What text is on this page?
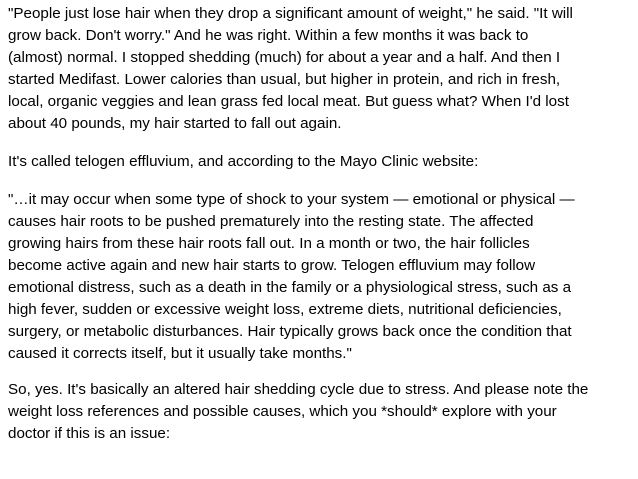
"People just lose hair when they drop a significant amount of weight," he said. "It will
grow back. Don't worry." And he was right. Within a few months it was back to
(almost) normal. I stopped shedding (much) for about a year and a half. And then I
started Medifast. Lower calories than usual, but higher in protein, and rich in fresh,
local, organic veggies and lean grass fed local meat. But guess what? When I'd lost
about 40 pounds, my hair started to fall out again.

It's called telogen effluvium, and according to the Mayo Clinic website:

"…it may occur when some type of shock to your system — emotional or physical —
causes hair roots to be pushed prematurely into the resting state. The affected
growing hairs from these hair roots fall out. In a month or two, the hair follicles
become active again and new hair starts to grow. Telogen effluvium may follow
emotional distress, such as a death in the family or a physiological stress, such as a
high fever, sudden or excessive weight loss, extreme diets, nutritional deficiencies,
surgery, or metabolic disturbances. Hair typically grows back once the condition that
caused it corrects itself, but it usually take months."

So, yes. It's basically an altered hair shedding cycle due to stress. And please note the
weight loss references and possible causes, which you *should* explore with your
doctor if this is an issue:
